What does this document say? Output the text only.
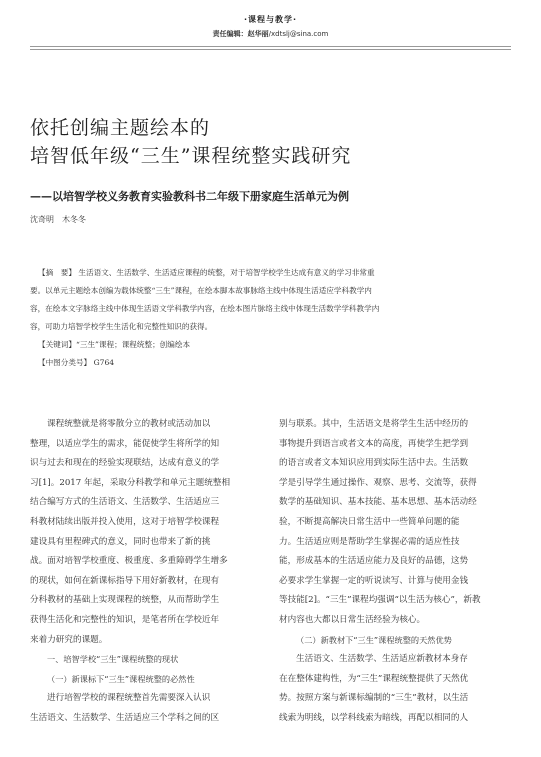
·课程与教学·
责任编辑：赵华丽/xdtslj@sina.com
依托创编主题绘本的
培智低年级“三生”课程统整实践研究
——以培智学校义务教育实验教科书二年级下册家庭生活单元为例
沈奇明　木冬冬
【摘　要】 生活语文、生活数学、生活适应课程的统整，对于培智学校学生达成有意义的学习非常重
要。以单元主题绘本创编为载体统整“三生”课程，在绘本脚本故事脉络主线中体现生活适应学科教学内
容，在绘本文字脉络主线中体现生活语文学科教学内容，在绘本图片脉络主线中体现生活数学学科教学内
容，可助力培智学校学生生活化和完整性知识的获得。
【关键词】“三生”课程；课程统整；创编绘本
【中图分类号】 G764
课程统整就是将零散分立的教材或活动加以
整理，以适应学生的需求，能促使学生将所学的知
识与过去和现在的经验实现联结，达成有意义的学
习[1]。2017 年起，采取分科教学和单元主题统整相
结合编写方式的生活语文、生活数学、生活适应三
科教材陆续出版并投入使用，这对于培智学校课程
建设具有里程碑式的意义，同时也带来了新的挑
战。面对培智学校重度、极重度、多重障碍学生增多
的现状，如何在新课标指导下用好新教材，在现有
分科教材的基础上实现课程的统整，从而帮助学生
获得生活化和完整性的知识，是笔者所在学校近年
来着力研究的课题。
一、培智学校“三生”课程统整的现状
（一）新课标下“三生”课程统整的必然性
进行培智学校的课程统整首先需要深入认识
生活语文、生活数学、生活适应三个学科之间的区
别与联系。其中，生活语文是将学生生活中经历的
事物提升到语言或者文本的高度，再使学生把学到
的语言或者文本知识应用到实际生活中去。生活数
学是引导学生通过操作、观察、思考、交流等，获得
数学的基础知识、基本技能、基本思想、基本活动经
验，不断提高解决日常生活中一些简单问题的能
力。生活适应则是帮助学生掌握必需的适应性技
能，形成基本的生活适应能力及良好的品德，这势
必要求学生掌握一定的听说读写、计算与使用金钱
等技能[2]。“三生”课程均强调“以生活为核心”，新教
材内容也大都以日常生活经验为核心。
（二）新教材下“三生”课程统整的天然优势
生活语文、生活数学、生活适应新教材本身存
在在整体建构性，为“三生”课程统整提供了天然优
势。按照方案与新课标编制的“三生”教材，以生活
线索为明线，以学科线索为暗线，再配以相同的人
